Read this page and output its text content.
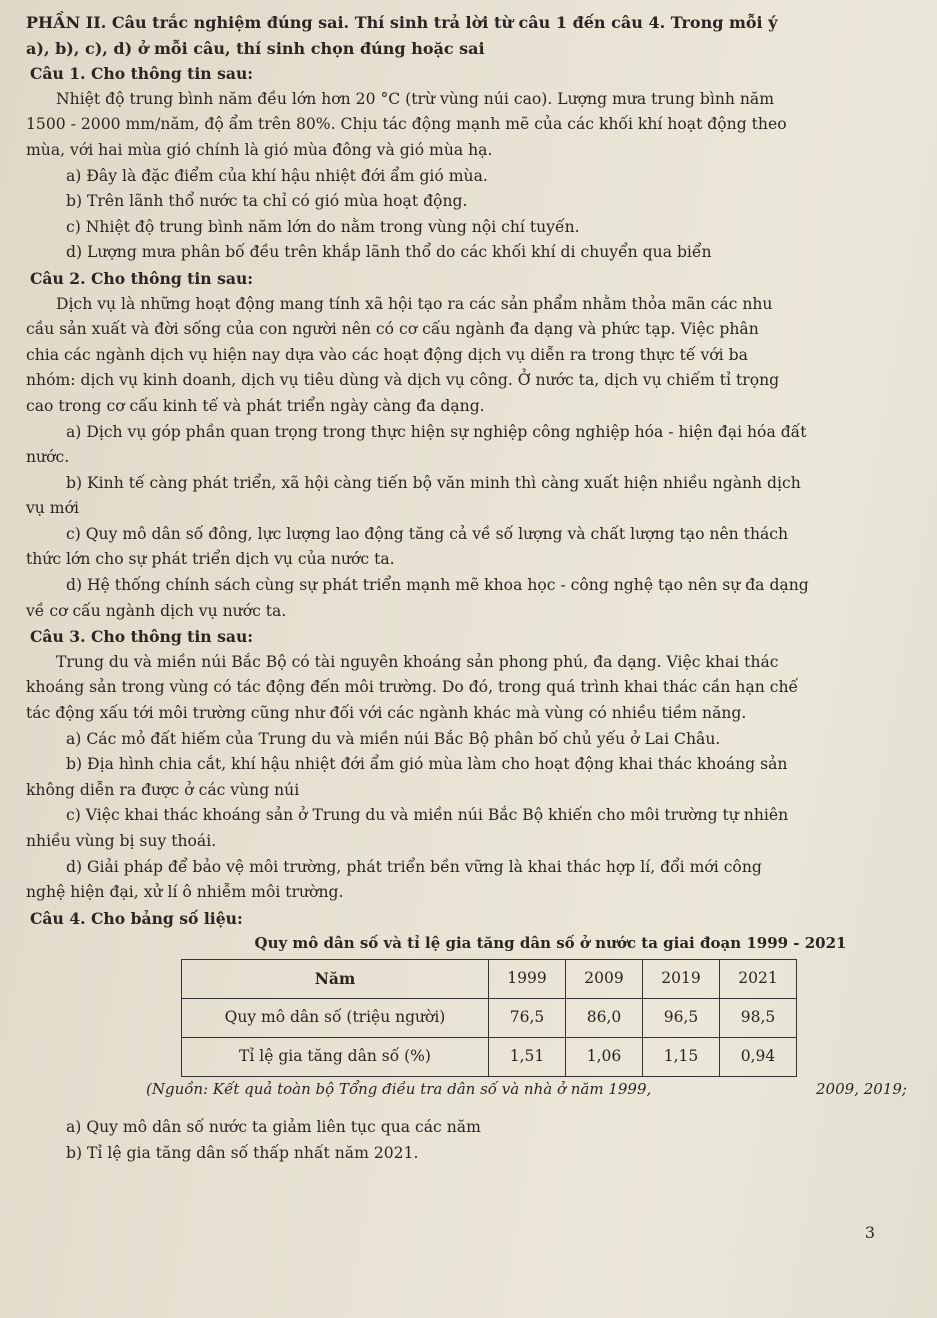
PHẦN II. Câu trắc nghiệm đúng sai. Thí sinh trả lời từ câu 1 đến câu 4. Trong mỗi ý

a), b), c), d) ở mỗi câu, thí sinh chọn đúng hoặc sai

Câu 1. Cho thông tin sau:

Nhiệt độ trung bình năm đều lớn hơn 20 °C (trừ vùng núi cao). Lượng mưa trung bình năm

1500 - 2000 mm/năm, độ ẩm trên 80%. Chịu tác động mạnh mẽ của các khối khí hoạt động theo

mùa, với hai mùa gió chính là gió mùa đông và gió mùa hạ.

a) Đây là đặc điểm của khí hậu nhiệt đới ẩm gió mùa.

b) Trên lãnh thổ nước ta chỉ có gió mùa hoạt động.

c) Nhiệt độ trung bình năm lớn do nằm trong vùng nội chí tuyến.

d) Lượng mưa phân bố đều trên khắp lãnh thổ do các khối khí di chuyển qua biển

Câu 2. Cho thông tin sau:

Dịch vụ là những hoạt động mang tính xã hội tạo ra các sản phẩm nhằm thỏa mãn các nhu

cầu sản xuất và đời sống của con người nên có cơ cấu ngành đa dạng và phức tạp. Việc phân

chia các ngành dịch vụ hiện nay dựa vào các hoạt động dịch vụ diễn ra trong thực tế với ba

nhóm: dịch vụ kinh doanh, dịch vụ tiêu dùng và dịch vụ công. Ở nước ta, dịch vụ chiếm tỉ trọng

cao trong cơ cấu kinh tế và phát triển ngày càng đa dạng.

a) Dịch vụ góp phần quan trọng trong thực hiện sự nghiệp công nghiệp hóa - hiện đại hóa đất

nước.

b) Kinh tế càng phát triển, xã hội càng tiến bộ văn minh thì càng xuất hiện nhiều ngành dịch

vụ mới

c) Quy mô dân số đông, lực lượng lao động tăng cả về số lượng và chất lượng tạo nên thách

thức lớn cho sự phát triển dịch vụ của nước ta.

d) Hệ thống chính sách cùng sự phát triển mạnh mẽ khoa học - công nghệ tạo nên sự đa dạng

về cơ cấu ngành dịch vụ nước ta.

Câu 3. Cho thông tin sau:

Trung du và miền núi Bắc Bộ có tài nguyên khoáng sản phong phú, đa dạng. Việc khai thác

khoáng sản trong vùng có tác động đến môi trường. Do đó, trong quá trình khai thác cần hạn chế

tác động xấu tới môi trường cũng như đối với các ngành khác mà vùng có nhiều tiềm năng.

a) Các mỏ đất hiếm của Trung du và miền núi Bắc Bộ phân bố chủ yếu ở Lai Châu.

b) Địa hình chia cắt, khí hậu nhiệt đới ẩm gió mùa làm cho hoạt động khai thác khoáng sản

không diễn ra được ở các vùng núi

c) Việc khai thác khoáng sản ở Trung du và miền núi Bắc Bộ khiến cho môi trường tự nhiên

nhiều vùng bị suy thoái.

d) Giải pháp để bảo vệ môi trường, phát triển bền vững là khai thác hợp lí, đổi mới công

nghệ hiện đại, xử lí ô nhiễm môi trường.

Câu 4. Cho bảng số liệu:

Quy mô dân số và tỉ lệ gia tăng dân số ở nước ta giai đoạn 1999 - 2021

Năm	1999	2009	2019	2021
Quy mô dân số (triệu người)	76,5	86,0	96,5	98,5
Tỉ lệ gia tăng dân số (%)	1,51	1,06	1,15	0,94
(Nguồn: Kết quả toàn bộ Tổng điều tra dân số và nhà ở năm 1999,	2009, 2019;

a) Quy mô dân số nước ta giảm liên tục qua các năm

b) Tỉ lệ gia tăng dân số thấp nhất năm 2021.

3
